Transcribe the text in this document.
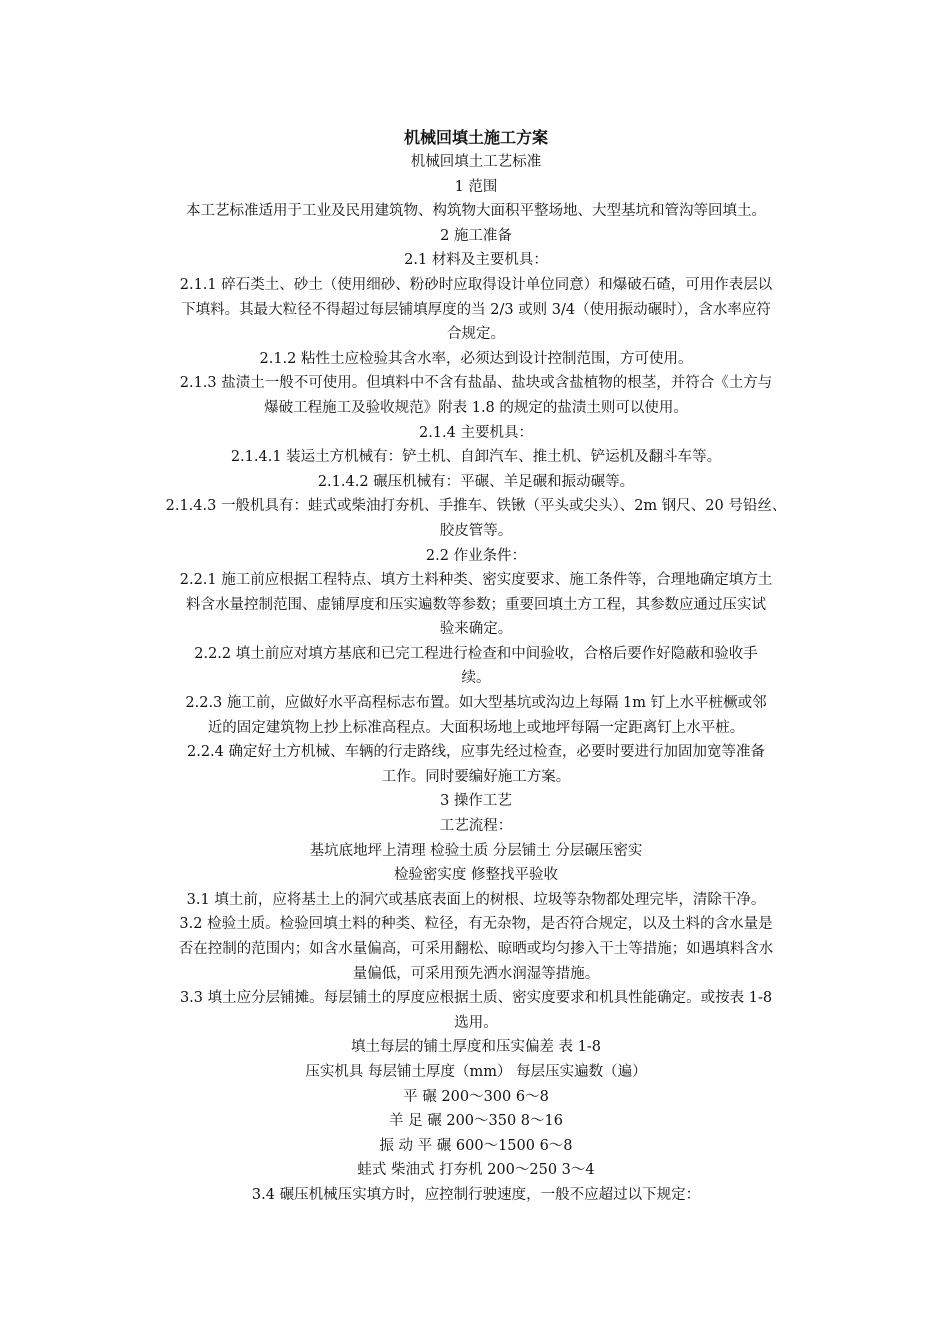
机械回填土施工方案
机械回填土工艺标准
1 范围
本工艺标准适用于工业及民用建筑物、构筑物大面积平整场地、大型基坑和管沟等回填土。
2 施工准备
2.1 材料及主要机具：
2.1.1 碎石类土、砂土（使用细砂、粉砂时应取得设计单位同意）和爆破石碴，可用作表层以
下填料。其最大粒径不得超过每层铺填厚度的当 2/3 或则 3/4（使用振动碾时），含水率应符
合规定。
2.1.2 粘性土应检验其含水率，必须达到设计控制范围，方可使用。
2.1.3 盐渍土一般不可使用。但填料中不含有盐晶、盐块或含盐植物的根茎，并符合《土方与
爆破工程施工及验收规范》附表 1.8 的规定的盐渍土则可以使用。
2.1.4 主要机具：
2.1.4.1 装运土方机械有：铲土机、自卸汽车、推土机、铲运机及翻斗车等。
2.1.4.2 碾压机械有：平碾、羊足碾和振动碾等。
2.1.4.3 一般机具有：蛙式或柴油打夯机、手推车、铁锹（平头或尖头）、2m 钢尺、20 号铅丝、
胶皮管等。
2.2 作业条件：
2.2.1 施工前应根据工程特点、填方土料种类、密实度要求、施工条件等，合理地确定填方土
料含水量控制范围、虚铺厚度和压实遍数等参数；重要回填土方工程，其参数应通过压实试
验来确定。
2.2.2 填土前应对填方基底和已完工程进行检查和中间验收，合格后要作好隐蔽和验收手
续。
2.2.3 施工前，应做好水平高程标志布置。如大型基坑或沟边上每隔 1m 钉上水平桩橛或邻
近的固定建筑物上抄上标准高程点。大面积场地上或地坪每隔一定距离钉上水平桩。
2.2.4 确定好土方机械、车辆的行走路线，应事先经过检查，必要时要进行加固加宽等准备
工作。同时要编好施工方案。
3 操作工艺
工艺流程：
基坑底地坪上清理 检验土质 分层铺土 分层碾压密实
检验密实度 修整找平验收
3.1 填土前，应将基土上的洞穴或基底表面上的树根、垃圾等杂物都处理完毕，清除干净。
3.2 检验土质。检验回填土料的种类、粒径，有无杂物，是否符合规定，以及土料的含水量是
否在控制的范围内；如含水量偏高，可采用翻松、晾晒或均匀掺入干土等措施；如遇填料含水
量偏低，可采用预先洒水润湿等措施。
3.3 填土应分层铺摊。每层铺土的厚度应根据土质、密实度要求和机具性能确定。或按表 1-8
选用。
填土每层的铺土厚度和压实偏差 表 1-8
压实机具 每层铺土厚度（mm） 每层压实遍数（遍）
平 碾 200～300 6～8
羊 足 碾 200～350 8～16
振 动 平 碾 600～1500 6～8
蛙式 柴油式 打夯机 200～250 3～4
3.4 碾压机械压实填方时，应控制行驶速度，一般不应超过以下规定：
